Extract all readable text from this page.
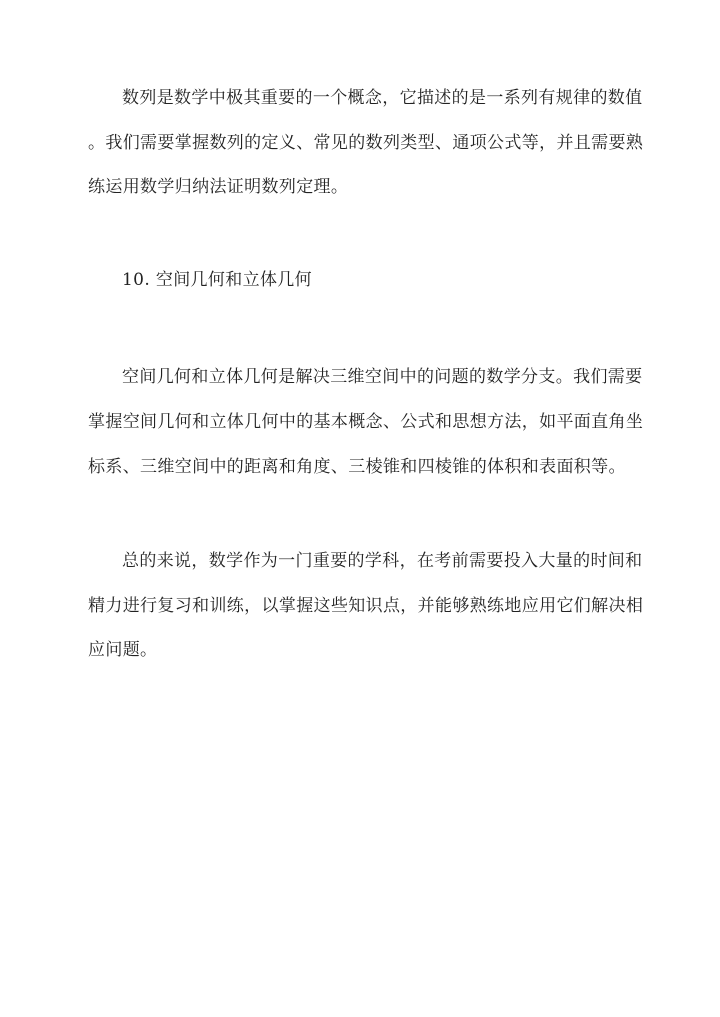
数列是数学中极其重要的一个概念，它描述的是一系列有规律的数值
。我们需要掌握数列的定义、常见的数列类型、通项公式等，并且需要熟
练运用数学归纳法证明数列定理。
10. 空间几何和立体几何
空间几何和立体几何是解决三维空间中的问题的数学分支。我们需要
掌握空间几何和立体几何中的基本概念、公式和思想方法，如平面直角坐
标系、三维空间中的距离和角度、三棱锥和四棱锥的体积和表面积等。
总的来说，数学作为一门重要的学科，在考前需要投入大量的时间和
精力进行复习和训练，以掌握这些知识点，并能够熟练地应用它们解决相
应问题。
